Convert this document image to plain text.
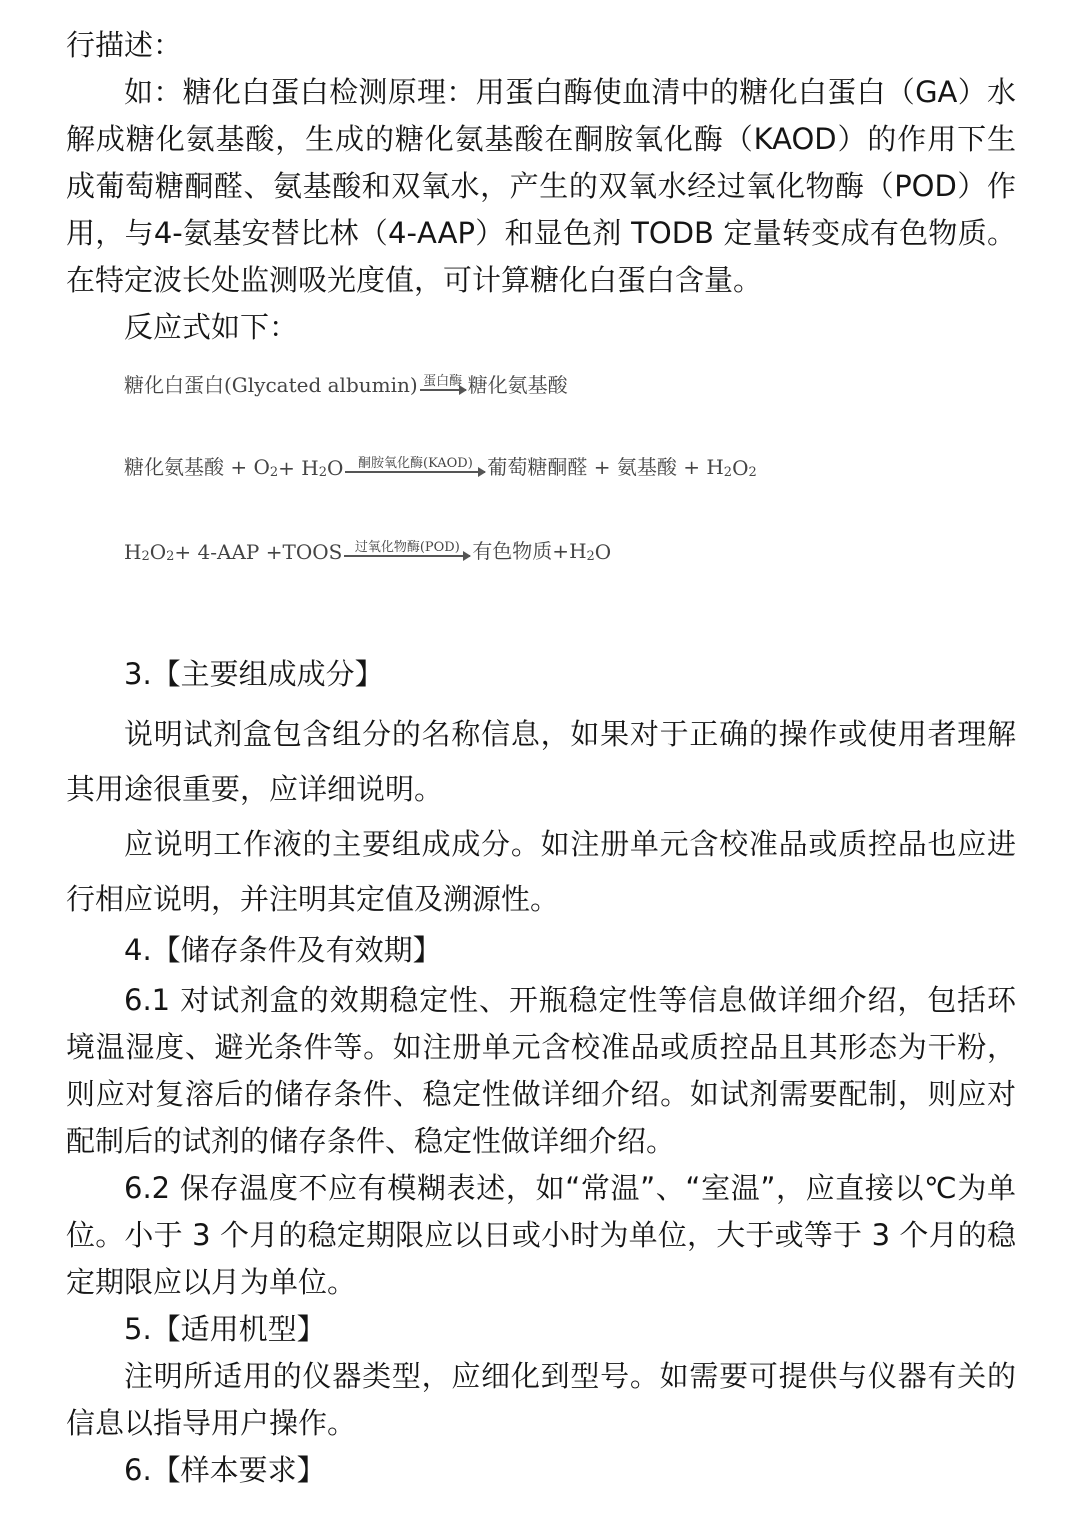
行描述：

如：糖化白蛋白检测原理：用蛋白酶使血清中的糖化白蛋白（GA）水解成糖化氨基酸，生成的糖化氨基酸在酮胺氧化酶（KAOD）的作用下生成葡萄糖酮醛、氨基酸和双氧水，产生的双氧水经过氧化物酶（POD）作用，与4-氨基安替比林（4-AAP）和显色剂 TODB 定量转变成有色物质。在特定波长处监测吸光度值，可计算糖化白蛋白含量。

反应式如下：

糖化白蛋白(Glycated albumin) 蛋白酶 糖化氨基酸
糖化氨基酸 + $O_2 + H_2$ O 酮胺氧化酶(KAOD) 葡萄糖酮醛 + 氨基酸 + $H_2$ $O_2$
$H_2$ $O_2 + 4-AAP$ +TOOS 过氧化物酶(POD) 有色物质$+H_2$ O

3.【主要组成成分】

说明试剂盒包含组分的名称信息，如果对于正确的操作或使用者理解其用途很重要，应详细说明。

应说明工作液的主要组成成分。如注册单元含校准品或质控品也应进行相应说明，并注明其定值及溯源性。

4.【储存条件及有效期】

6.1 对试剂盒的效期稳定性、开瓶稳定性等信息做详细介绍，包括环境温湿度、避光条件等。如注册单元含校准品或质控品且其形态为干粉，则应对复溶后的储存条件、稳定性做详细介绍。如试剂需要配制，则应对配制后的试剂的储存条件、稳定性做详细介绍。

6.2 保存温度不应有模糊表述，如“常温”、“室温”，应直接以℃为单位。小于 3 个月的稳定期限应以日或小时为单位，大于或等于 3 个月的稳定期限应以月为单位。

5.【适用机型】

注明所适用的仪器类型，应细化到型号。如需要可提供与仪器有关的信息以指导用户操作。

6.【样本要求】
